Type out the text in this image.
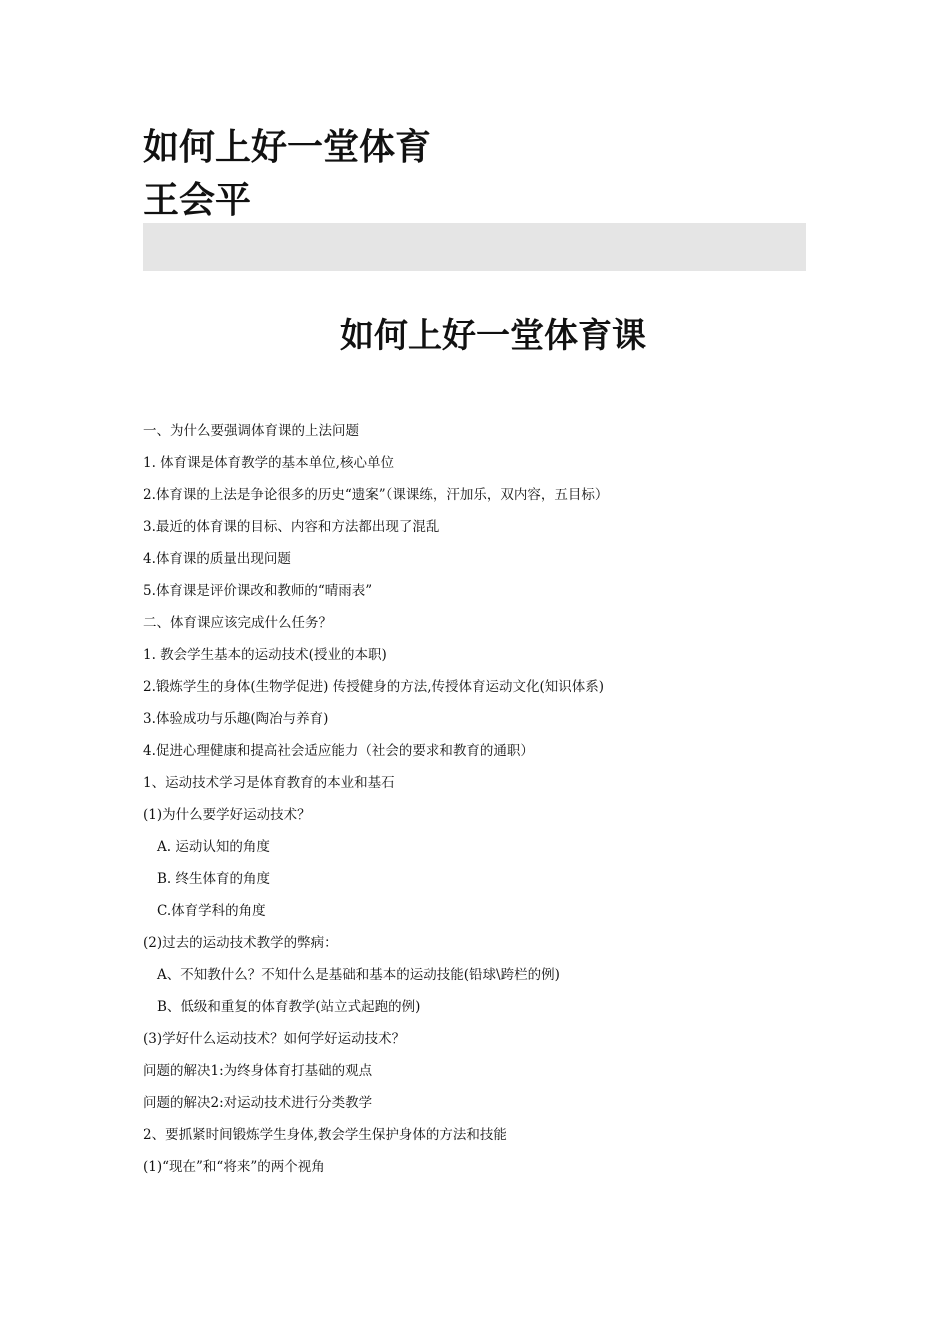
如何上好一堂体育
王会平
如何上好一堂体育课
一、为什么要强调体育课的上法问题
1. 体育课是体育教学的基本单位,核心单位
2.体育课的上法是争论很多的历史“遗案”（课课练，汗加乐，双内容，五目标）
3.最近的体育课的目标、内容和方法都出现了混乱
4.体育课的质量出现问题
5.体育课是评价课改和教师的“晴雨表”
二、体育课应该完成什么任务？
1. 教会学生基本的运动技术(授业的本职)
2.锻炼学生的身体(生物学促进) 传授健身的方法,传授体育运动文化(知识体系)
3.体验成功与乐趣(陶冶与养育)
4.促进心理健康和提高社会适应能力（社会的要求和教育的通职）
1、运动技术学习是体育教育的本业和基石
(1)为什么要学好运动技术？
A. 运动认知的角度
B. 终生体育的角度
C.体育学科的角度
(2)过去的运动技术教学的弊病：
A、不知教什么？不知什么是基础和基本的运动技能(铅球\跨栏的例)
B、低级和重复的体育教学(站立式起跑的例)
(3)学好什么运动技术？如何学好运动技术？
问题的解决1:为终身体育打基础的观点
问题的解决2:对运动技术进行分类教学
2、要抓紧时间锻炼学生身体,教会学生保护身体的方法和技能
(1)“现在”和“将来”的两个视角
